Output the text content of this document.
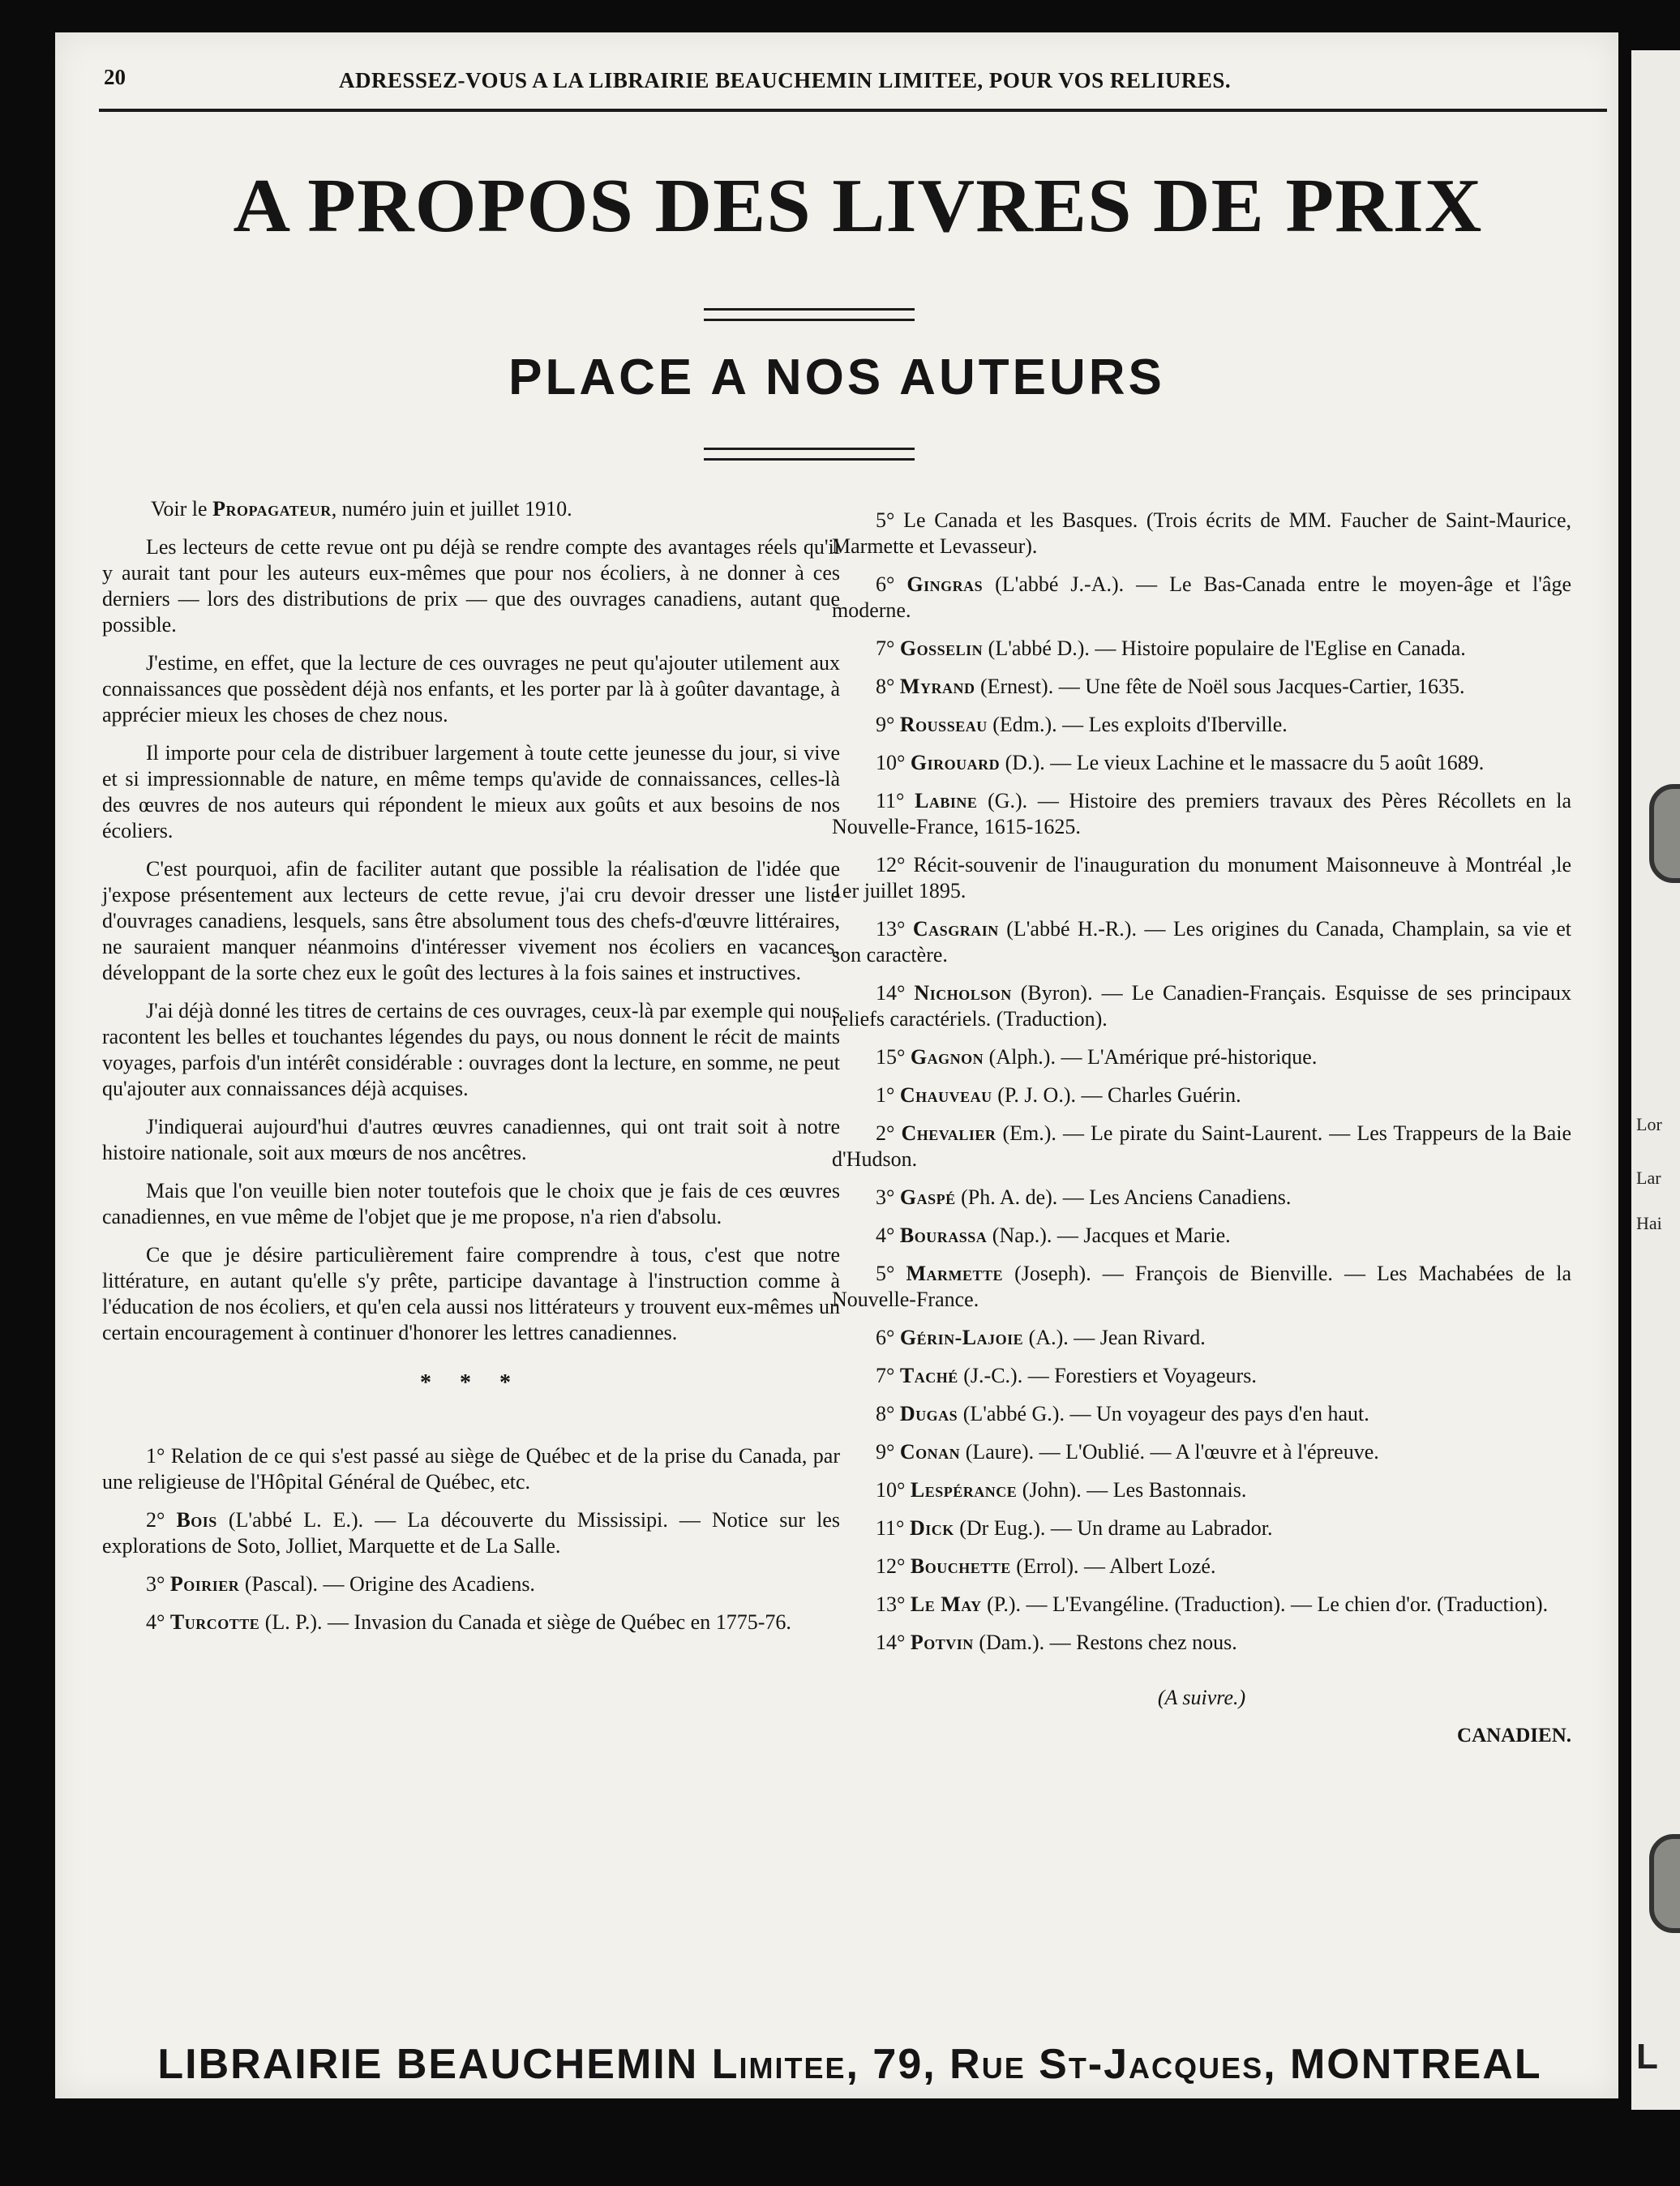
20	ADRESSEZ-VOUS A LA LIBRAIRIE BEAUCHEMIN LIMITEE, POUR VOS RELIURES.
A PROPOS DES LIVRES DE PRIX
PLACE A NOS AUTEURS

Voir le Propagateur, numéro juin et juillet 1910.

Les lecteurs de cette revue ont pu déjà se rendre compte des avantages réels qu'il y aurait tant pour les auteurs eux-mêmes que pour nos écoliers, à ne donner à ces derniers — lors des distributions de prix — que des ouvrages canadiens, autant que possible.

J'estime, en effet, que la lecture de ces ouvrages ne peut qu'ajouter utilement aux connaissances que possèdent déjà nos enfants, et les porter par là à goûter davantage, à apprécier mieux les choses de chez nous.

Il importe pour cela de distribuer largement à toute cette jeunesse du jour, si vive et si impressionnable de nature, en même temps qu'avide de connaissances, celles-là des œuvres de nos auteurs qui répondent le mieux aux goûts et aux besoins de nos écoliers.

C'est pourquoi, afin de faciliter autant que possible la réalisation de l'idée que j'expose présentement aux lecteurs de cette revue, j'ai cru devoir dresser une liste d'ouvrages canadiens, lesquels, sans être absolument tous des chefs-d'œuvre littéraires, ne sauraient manquer néanmoins d'intéresser vivement nos écoliers en vacances, développant de la sorte chez eux le goût des lectures à la fois saines et instructives.

J'ai déjà donné les titres de certains de ces ouvrages, ceux-là par exemple qui nous racontent les belles et touchantes légendes du pays, ou nous donnent le récit de maints voyages, parfois d'un intérêt considérable : ouvrages dont la lecture, en somme, ne peut qu'ajouter aux connaissances déjà acquises.

J'indiquerai aujourd'hui d'autres œuvres canadiennes, qui ont trait soit à notre histoire nationale, soit aux mœurs de nos ancêtres.

Mais que l'on veuille bien noter toutefois que le choix que je fais de ces œuvres canadiennes, en vue même de l'objet que je me propose, n'a rien d'absolu.

Ce que je désire particulièrement faire comprendre à tous, c'est que notre littérature, en autant qu'elle s'y prête, participe davantage à l'instruction comme à l'éducation de nos écoliers, et qu'en cela aussi nos littérateurs y trouvent eux-mêmes un certain encouragement à continuer d'honorer les lettres canadiennes.

* * *

1° Relation de ce qui s'est passé au siège de Québec et de la prise du Canada, par une religieuse de l'Hôpital Général de Québec, etc.

2° Bois (L'abbé L. E.). — La découverte du Mississipi. — Notice sur les explorations de Soto, Jolliet, Marquette et de La Salle.

3° Poirier (Pascal). — Origine des Acadiens.

4° Turcotte (L. P.). — Invasion du Canada et siège de Québec en 1775-76.

5° Le Canada et les Basques. (Trois écrits de MM. Faucher de Saint-Maurice, Marmette et Levasseur).

6° Gingras (L'abbé J.-A.). — Le Bas-Canada entre le moyen-âge et l'âge moderne.

7° Gosselin (L'abbé D.). — Histoire populaire de l'Eglise en Canada.

8° Myrand (Ernest). — Une fête de Noël sous Jacques-Cartier, 1635.

9° Rousseau (Edm.). — Les exploits d'Iberville.

10° Girouard (D.). — Le vieux Lachine et le massacre du 5 août 1689.

11° Labine (G.). — Histoire des premiers travaux des Pères Récollets en la Nouvelle-France, 1615-1625.

12° Récit-souvenir de l'inauguration du monument Maisonneuve à Montréal ,le 1er juillet 1895.

13° Casgrain (L'abbé H.-R.). — Les origines du Canada, Champlain, sa vie et son caractère.

14° Nicholson (Byron). — Le Canadien-Français. Esquisse de ses principaux reliefs caractériels. (Traduction).

15° Gagnon (Alph.). — L'Amérique pré-historique.

1° Chauveau (P. J. O.). — Charles Guérin.

2° Chevalier (Em.). — Le pirate du Saint-Laurent. — Les Trappeurs de la Baie d'Hudson.

3° Gaspé (Ph. A. de). — Les Anciens Canadiens.

4° Bourassa (Nap.). — Jacques et Marie.

5° Marmette (Joseph). — François de Bienville. — Les Machabées de la Nouvelle-France.

6° Gérin-Lajoie (A.). — Jean Rivard.

7° Taché (J.-C.). — Forestiers et Voyageurs.

8° Dugas (L'abbé G.). — Un voyageur des pays d'en haut.

9° Conan (Laure). — L'Oublié. — A l'œuvre et à l'épreuve.

10° Lespérance (John). — Les Bastonnais.

11° Dick (Dr Eug.). — Un drame au Labrador.

12° Bouchette (Errol). — Albert Lozé.

13° Le May (P.). — L'Evangéline. (Traduction). — Le chien d'or. (Traduction).

14° Potvin (Dam.). — Restons chez nous.

(A suivre.)

CANADIEN.

LIBRAIRIE BEAUCHEMIN Limitee, 79, Rue St-Jacques, MONTREAL
Lor
Lar
Hai
L
